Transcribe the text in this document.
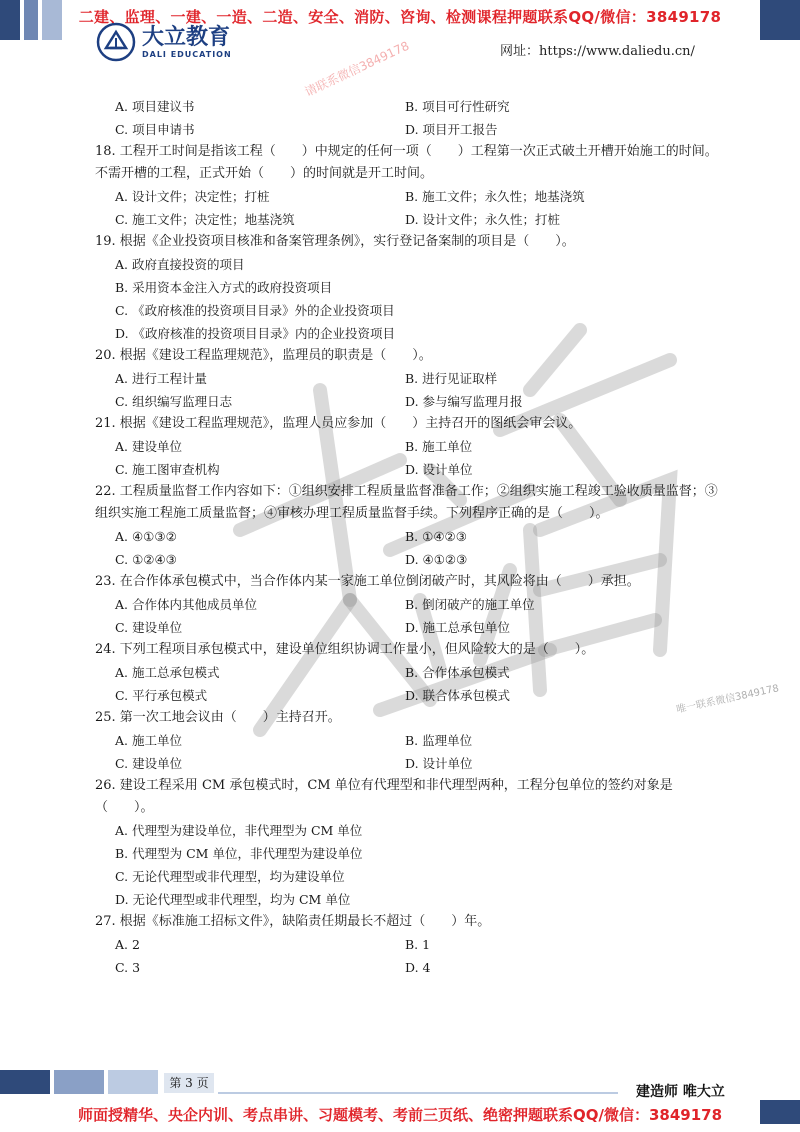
二建、监理、一建、一造、二造、安全、消防、咨询、检测课程押题联系QQ/微信：3849178
大立教育
DALI EDUCATION	网址：https://www.daliedu.cn/
请联系微信3849178
唯一联系微信3849178
A. 项目建议书	B. 项目可行性研究
C. 项目申请书	D. 项目开工报告
18. 工程开工时间是指该工程（　　）中规定的任何一项（　　）工程第一次正式破土开槽开始施工的时间。不需开槽的工程，正式开始（　　）的时间就是开工时间。
A. 设计文件；决定性；打桩	B. 施工文件；永久性；地基浇筑
C. 施工文件；决定性；地基浇筑	D. 设计文件；永久性；打桩
19. 根据《企业投资项目核准和备案管理条例》，实行登记备案制的项目是（　　）。
A. 政府直接投资的项目
B. 采用资本金注入方式的政府投资项目
C. 《政府核准的投资项目目录》外的企业投资项目
D. 《政府核准的投资项目目录》内的企业投资项目
20. 根据《建设工程监理规范》，监理员的职责是（　　）。
A. 进行工程计量	B. 进行见证取样
C. 组织编写监理日志	D. 参与编写监理月报
21. 根据《建设工程监理规范》，监理人员应参加（　　）主持召开的图纸会审会议。
A. 建设单位	B. 施工单位
C. 施工图审查机构	D. 设计单位
22. 工程质量监督工作内容如下：①组织安排工程质量监督准备工作；②组织实施工程竣工验收质量监督；③组织实施工程施工质量监督；④审核办理工程质量监督手续。下列程序正确的是（　　）。
A. ④①③②	B. ①④②③
C. ①②④③	D. ④①②③
23. 在合作体承包模式中，当合作体内某一家施工单位倒闭破产时，其风险将由（　　）承担。
A. 合作体内其他成员单位	B. 倒闭破产的施工单位
C. 建设单位	D. 施工总承包单位
24. 下列工程项目承包模式中，建设单位组织协调工作量小，但风险较大的是（　　）。
A. 施工总承包模式	B. 合作体承包模式
C. 平行承包模式	D. 联合体承包模式
25. 第一次工地会议由（　　）主持召开。
A. 施工单位	B. 监理单位
C. 建设单位	D. 设计单位
26. 建设工程采用 CM 承包模式时，CM 单位有代理型和非代理型两种，工程分包单位的签约对象是（　　）。
A. 代理型为建设单位，非代理型为 CM 单位
B. 代理型为 CM 单位，非代理型为建设单位
C. 无论代理型或非代理型，均为建设单位
D. 无论代理型或非代理型，均为 CM 单位
27. 根据《标准施工招标文件》，缺陷责任期最长不超过（　　）年。
A. 2	B. 1
C. 3	D. 4
第 3 页
建造师 唯大立
师面授精华、央企内训、考点串讲、习题模考、考前三页纸、绝密押题联系QQ/微信：3849178
